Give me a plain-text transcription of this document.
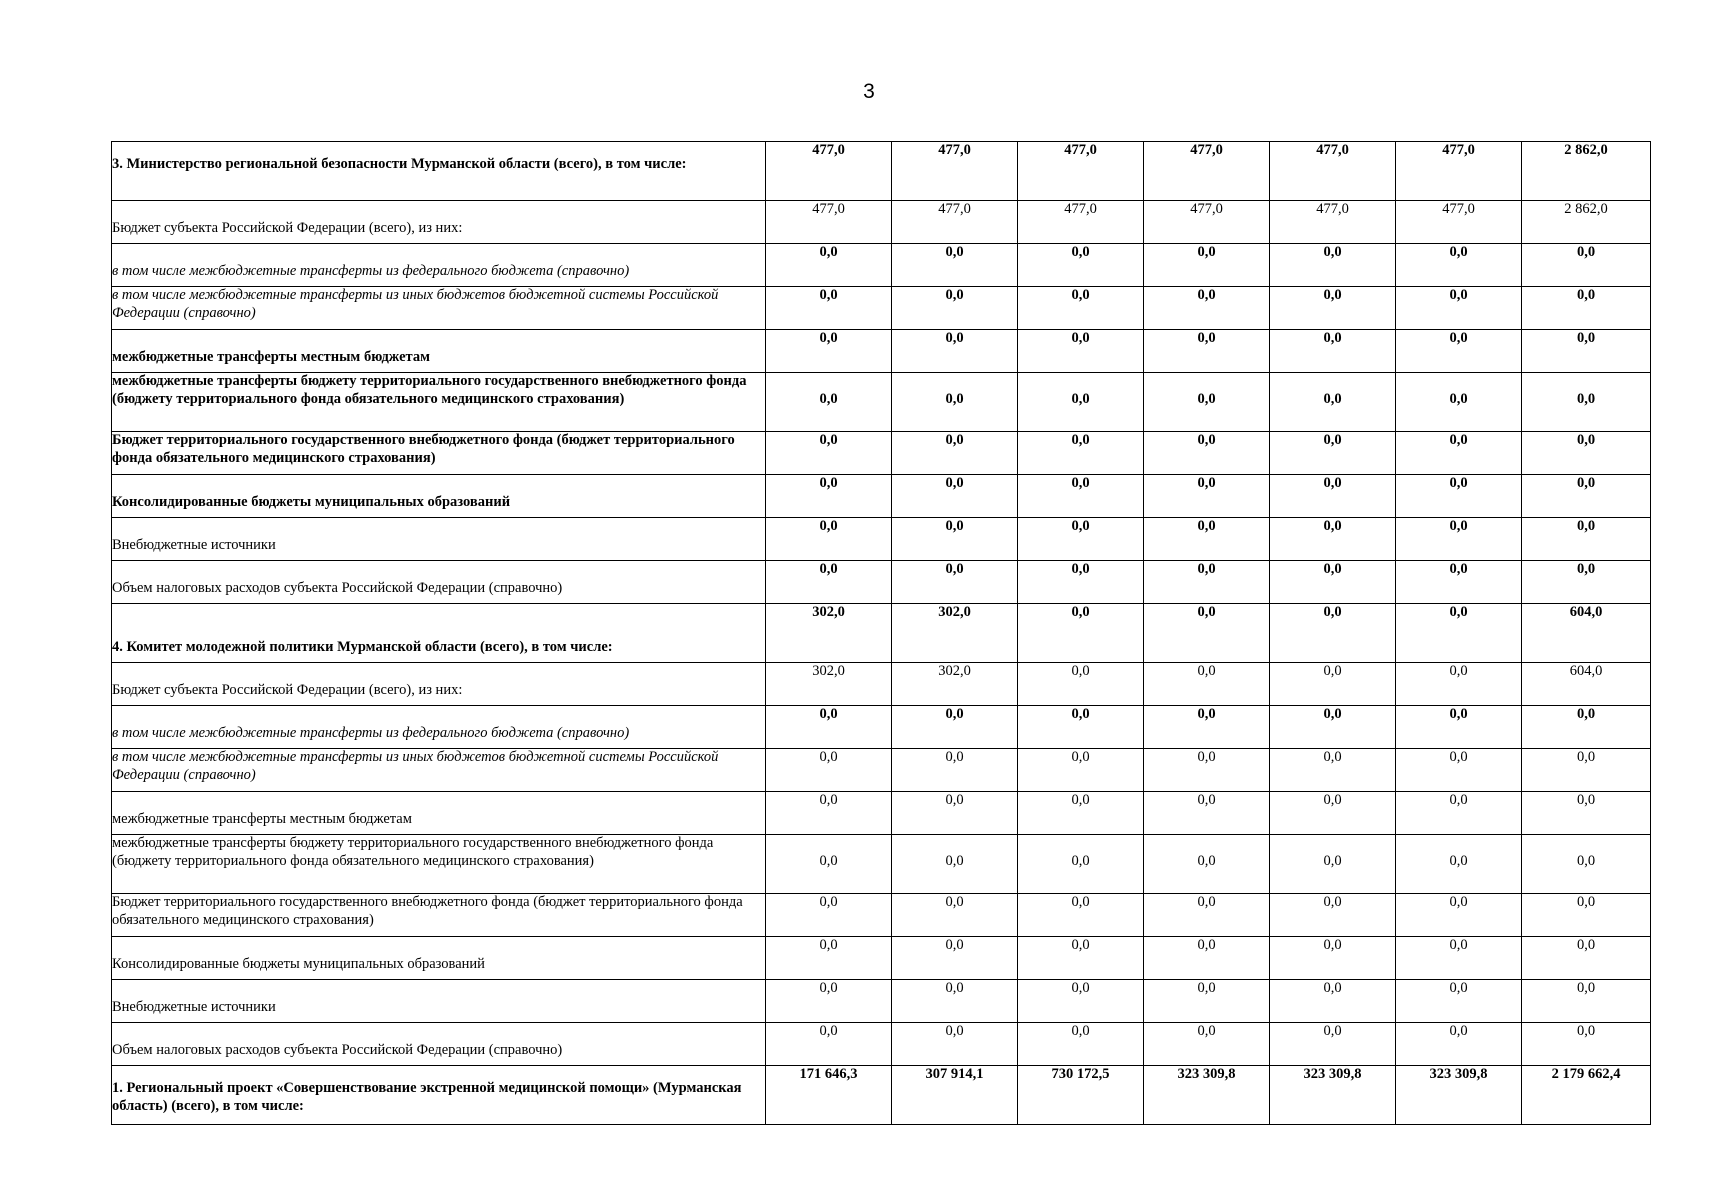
3
3. Министерство региональной безопасности Мурманской области (всего), в том числе:	477,0	477,0	477,0	477,0	477,0	477,0	2 862,0
Бюджет субъекта Российской Федерации (всего), из них:	477,0	477,0	477,0	477,0	477,0	477,0	2 862,0
в том числе межбюджетные трансферты из федерального бюджета (справочно)	0,0	0,0	0,0	0,0	0,0	0,0	0,0
в том числе межбюджетные трансферты из иных бюджетов бюджетной системы Российской Федерации (справочно)	0,0	0,0	0,0	0,0	0,0	0,0	0,0
межбюджетные трансферты местным бюджетам	0,0	0,0	0,0	0,0	0,0	0,0	0,0
межбюджетные трансферты бюджету территориального государственного внебюджетного фонда (бюджету территориального фонда обязательного медицинского страхования)	0,0	0,0	0,0	0,0	0,0	0,0	0,0
Бюджет территориального государственного внебюджетного фонда (бюджет территориального фонда обязательного медицинского страхования)	0,0	0,0	0,0	0,0	0,0	0,0	0,0
Консолидированные бюджеты муниципальных образований	0,0	0,0	0,0	0,0	0,0	0,0	0,0
Внебюджетные источники	0,0	0,0	0,0	0,0	0,0	0,0	0,0
Объем налоговых расходов субъекта Российской Федерации (справочно)	0,0	0,0	0,0	0,0	0,0	0,0	0,0
4. Комитет молодежной политики Мурманской области (всего), в том числе:	302,0	302,0	0,0	0,0	0,0	0,0	604,0
Бюджет субъекта Российской Федерации (всего), из них:	302,0	302,0	0,0	0,0	0,0	0,0	604,0
в том числе межбюджетные трансферты из федерального бюджета (справочно)	0,0	0,0	0,0	0,0	0,0	0,0	0,0
в том числе межбюджетные трансферты из иных бюджетов бюджетной системы Российской Федерации (справочно)	0,0	0,0	0,0	0,0	0,0	0,0	0,0
межбюджетные трансферты местным бюджетам	0,0	0,0	0,0	0,0	0,0	0,0	0,0
межбюджетные трансферты бюджету территориального государственного внебюджетного фонда (бюджету территориального фонда обязательного медицинского страхования)	0,0	0,0	0,0	0,0	0,0	0,0	0,0
Бюджет территориального государственного внебюджетного фонда (бюджет территориального фонда обязательного медицинского страхования)	0,0	0,0	0,0	0,0	0,0	0,0	0,0
Консолидированные бюджеты муниципальных образований	0,0	0,0	0,0	0,0	0,0	0,0	0,0
Внебюджетные источники	0,0	0,0	0,0	0,0	0,0	0,0	0,0
Объем налоговых расходов субъекта Российской Федерации (справочно)	0,0	0,0	0,0	0,0	0,0	0,0	0,0
1. Региональный проект «Совершенствование экстренной медицинской помощи» (Мурманская область) (всего), в том числе:	171 646,3	307 914,1	730 172,5	323 309,8	323 309,8	323 309,8	2 179 662,4
